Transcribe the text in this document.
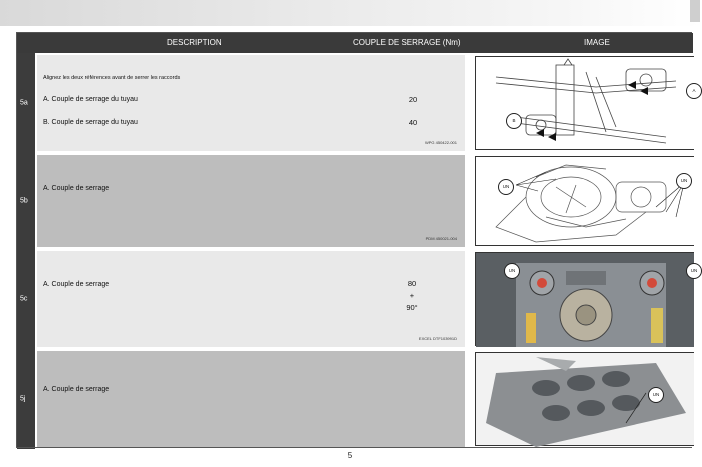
DESCRIPTION	COUPLE DE SERRAGE (Nm)	IMAGE
5a
Alignez les deux références avant de serrer les raccords
A. Couple de serrage du tuyau	20
B. Couple de serrage du tuyau	40
WPG 450422-001
A
B
5b
A. Couple de serrage
PDM 450021-004
UN
UN
5c
A. Couple de serrage	80
+
90°
EXCEL DTF103991D
UN	UN
5j
A. Couple de serrage
UN
5
